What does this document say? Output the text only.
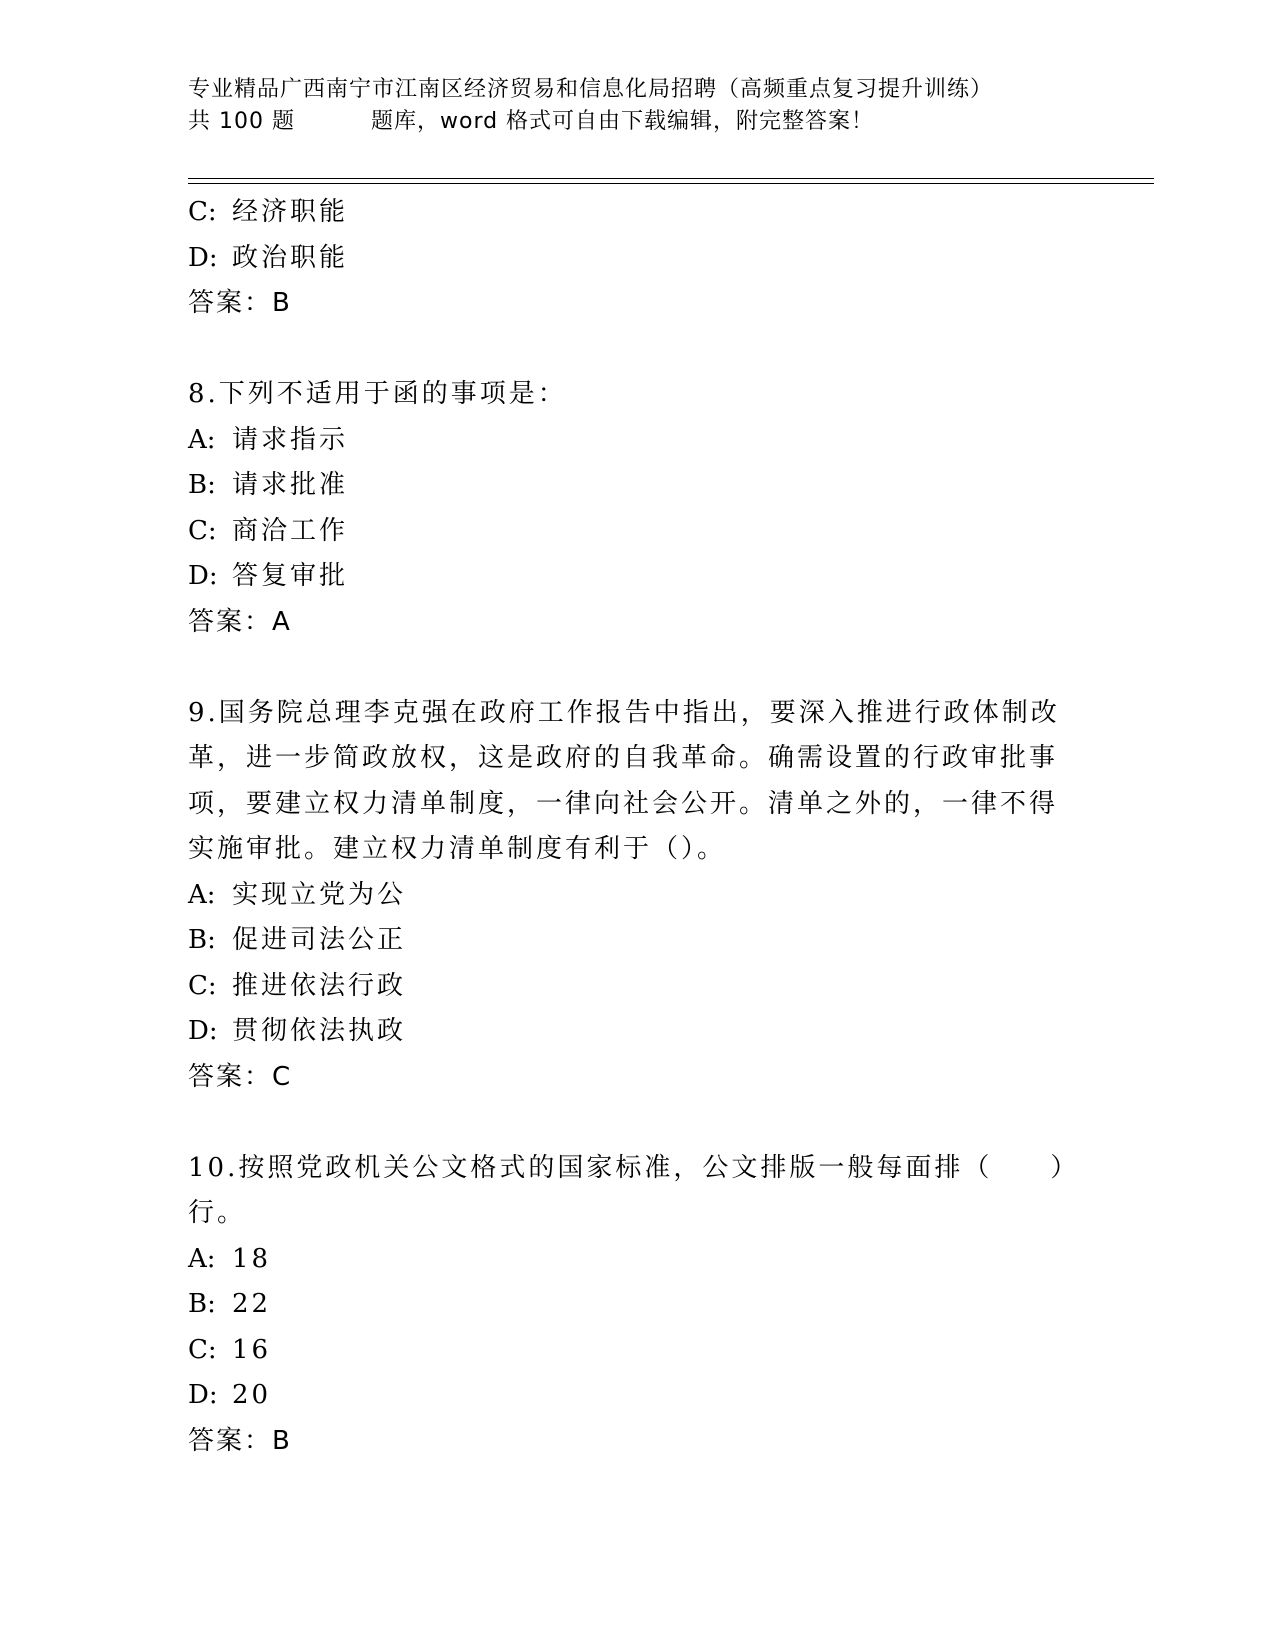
专业精品广西南宁市江南区经济贸易和信息化局招聘（高频重点复习提升训练）
共 100 题	题库，word 格式可自由下载编辑，附完整答案！
C: 经济职能
D: 政治职能
答案：B
8.下列不适用于函的事项是：
A: 请求指示
B: 请求批准
C: 商洽工作
D: 答复审批
答案：A
9.国务院总理李克强在政府工作报告中指出，要深入推进行政体制改
革，进一步简政放权，这是政府的自我革命。确需设置的行政审批事
项，要建立权力清单制度，一律向社会公开。清单之外的，一律不得
实施审批。建立权力清单制度有利于（）。
A: 实现立党为公
B: 促进司法公正
C: 推进依法行政
D: 贯彻依法执政
答案：C
10.按照党政机关公文格式的国家标准，公文排版一般每面排（　　）
行。
A: 18
B: 22
C: 16
D: 20
答案：B
